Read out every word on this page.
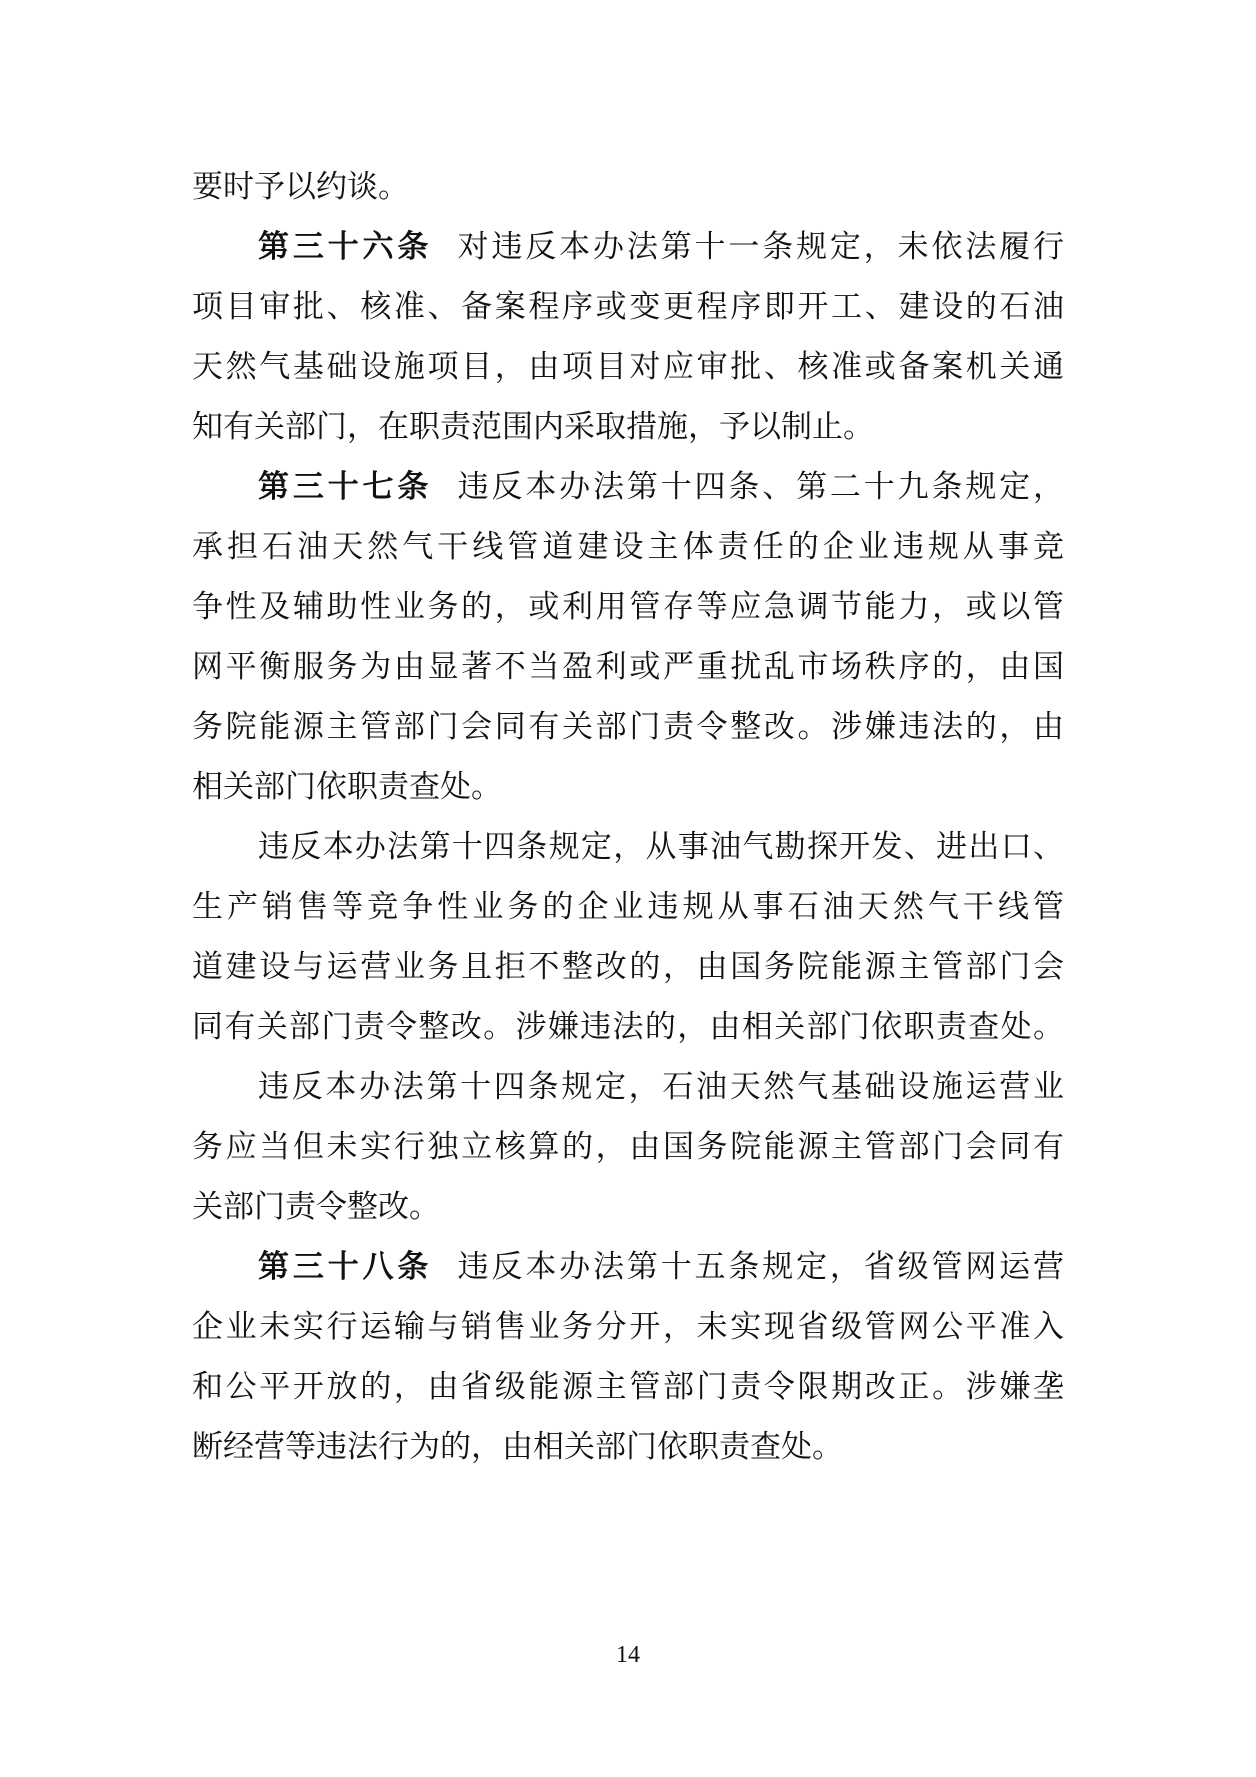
要时予以约谈。
第三十六条 对违反本办法第十一条规定，未依法履行
项目审批、核准、备案程序或变更程序即开工、建设的石油
天然气基础设施项目，由项目对应审批、核准或备案机关通
知有关部门，在职责范围内采取措施，予以制止。
第三十七条 违反本办法第十四条、第二十九条规定，
承担石油天然气干线管道建设主体责任的企业违规从事竞
争性及辅助性业务的，或利用管存等应急调节能力，或以管
网平衡服务为由显著不当盈利或严重扰乱市场秩序的，由国
务院能源主管部门会同有关部门责令整改。涉嫌违法的，由
相关部门依职责查处。
违反本办法第十四条规定，从事油气勘探开发、进出口、
生产销售等竞争性业务的企业违规从事石油天然气干线管
道建设与运营业务且拒不整改的，由国务院能源主管部门会
同有关部门责令整改。涉嫌违法的，由相关部门依职责查处。
违反本办法第十四条规定，石油天然气基础设施运营业
务应当但未实行独立核算的，由国务院能源主管部门会同有
关部门责令整改。
第三十八条 违反本办法第十五条规定，省级管网运营
企业未实行运输与销售业务分开，未实现省级管网公平准入
和公平开放的，由省级能源主管部门责令限期改正。涉嫌垄
断经营等违法行为的，由相关部门依职责查处。
14
